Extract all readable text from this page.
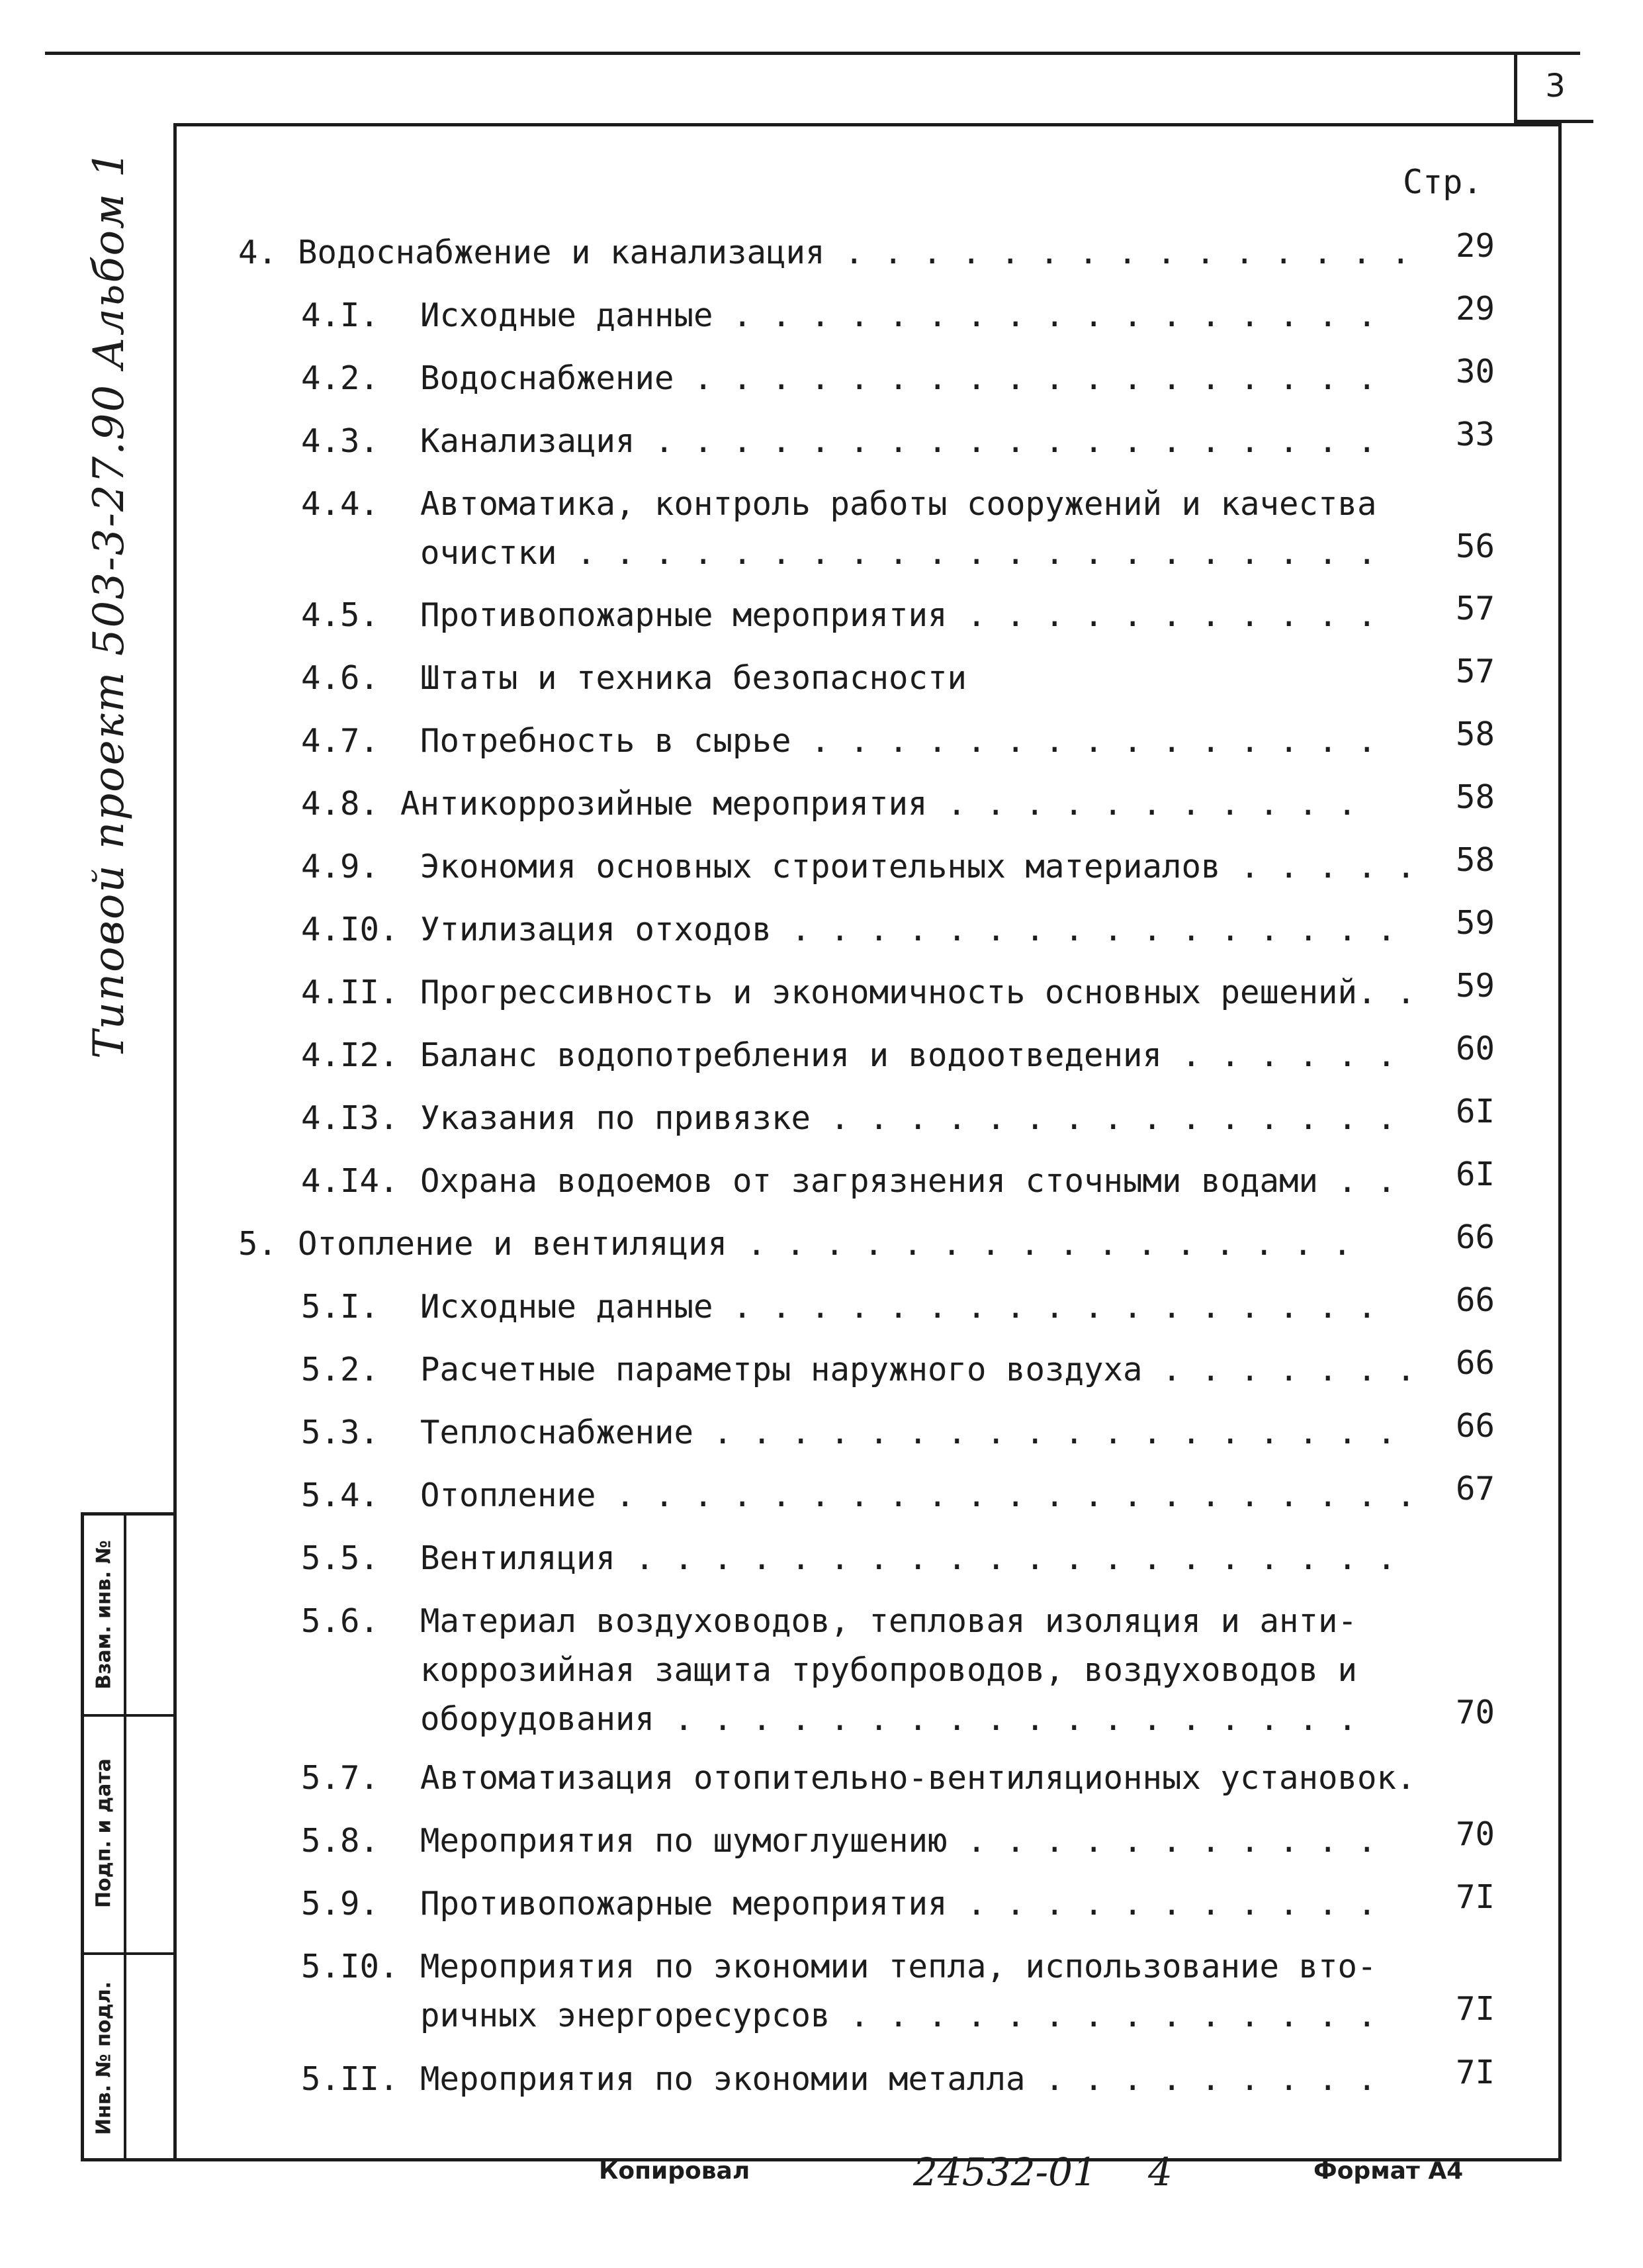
3
Типовой проект 503-3-27.90 Альбом 1
Взам. инв. №
Подп. и дата
Инв. № подл.
Стр.
4. Водоснабжение и канализация . . . . . . . . . . . . . . . 29
4.I. Исходные данные . . . . . . . . . . . . . . . . . 29
4.2. Водоснабжение . . . . . . . . . . . . . . . . . . 30
4.3. Канализация . . . . . . . . . . . . . . . . . . . 33
4.4. Автоматика, контроль работы сооружений и качества
очистки . . . . . . . . . . . . . . . . . . . . . 56
4.5. Противопожарные мероприятия . . . . . . . . . . . 57
4.6. Штаты и техника безопасности	57
4.7. Потребность в сырье . . . . . . . . . . . . . . . 58
4.8. Антикоррозийные мероприятия . . . . . . . . . . .	58
4.9. Экономия основных строительных материалов . . . . . 58
4.I0. Утилизация отходов . . . . . . . . . . . . . . . . 59
4.II. Прогрессивность и экономичность основных решений. . 59
4.I2. Баланс водопотребления и водоотведения . . . . . . 60
4.I3. Указания по привязке . . . . . . . . . . . . . . . 6I
4.I4. Охрана водоемов от загрязнения сточными водами . . 6I
5. Отопление и вентиляция . . . . . . . . . . . . . . . .	66
5.I. Исходные данные . . . . . . . . . . . . . . . . . 66
5.2. Расчетные параметры наружного воздуха . . . . . . . 66
5.3. Теплоснабжение . . . . . . . . . . . . . . . . . . 66
5.4. Отопление . . . . . . . . . . . . . . . . . . . . . 67
5.5. Вентиляция . . . . . . . . . . . . . . . . . . . .
5.6. Материал воздуховодов, тепловая изоляция и анти-
коррозийная защита трубопроводов, воздуховодов и
оборудования . . . . . . . . . . . . . . . . . .	70
5.7. Автоматизация отопительно-вентиляционных установок.
5.8. Мероприятия по шумоглушению . . . . . . . . . . . 70
5.9. Противопожарные мероприятия . . . . . . . . . . . 7I
5.I0. Мероприятия по экономии тепла, использование вто-
ричных энергоресурсов . . . . . . . . . . . . . . 7I
5.II. Мероприятия по экономии металла . . . . . . . . . 7I
Копировал	24532-01 4	Формат А4
